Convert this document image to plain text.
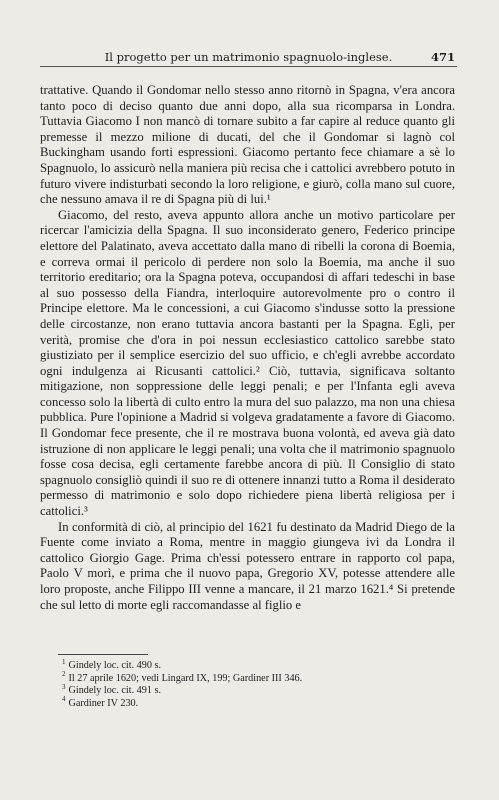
Il progetto per un matrimonio spagnuolo-inglese.	471

trattative. Quando il Gondomar nello stesso anno ritornò in Spagna, v'era ancora tanto poco di deciso quanto due anni dopo, alla sua ricomparsa in Londra. Tuttavia Giacomo I non mancò di tornare subito a far capire al reduce quanto gli premesse il mezzo milione di ducati, del che il Gondomar si lagnò col Buckingham usando forti espressioni. Giacomo pertanto fece chiamare a sè lo Spagnuolo, lo assicurò nella maniera più recisa che i cattolici avrebbero potuto in futuro vivere indisturbati secondo la loro religione, e giurò, colla mano sul cuore, che nessuno amava il re di Spagna più di lui.¹

Giacomo, del resto, aveva appunto allora anche un motivo particolare per ricercar l'amicizia della Spagna. Il suo inconsiderato genero, Federico principe elettore del Palatinato, aveva accettato dalla mano di ribelli la corona di Boemia, e correva ormai il pericolo di perdere non solo la Boemia, ma anche il suo territorio ereditario; ora la Spagna poteva, occupandosi di affari tedeschi in base al suo possesso della Fiandra, interloquire autorevolmente pro o contro il Principe elettore. Ma le concessioni, a cui Giacomo s'indusse sotto la pressione delle circostanze, non erano tuttavia ancora bastanti per la Spagna. Egli, per verità, promise che d'ora in poi nessun ecclesiastico cattolico sarebbe stato giustiziato per il semplice esercizio del suo ufficio, e ch'egli avrebbe accordato ogni indulgenza ai Ricusanti cattolici.² Ciò, tuttavia, significava soltanto mitigazione, non soppressione delle leggi penali; e per l'Infanta egli aveva concesso solo la libertà di culto entro la mura del suo palazzo, ma non una chiesa pubblica. Pure l'opinione a Madrid si volgeva gradatamente a favore di Giacomo. Il Gondomar fece presente, che il re mostrava buona volontà, ed aveva già dato istruzione di non applicare le leggi penali; una volta che il matrimonio spagnuolo fosse cosa decisa, egli certamente farebbe ancora di più. Il Consiglio di stato spagnuolo consigliò quindi il suo re di ottenere innanzi tutto a Roma il desiderato permesso di matrimonio e solo dopo richiedere piena libertà religiosa per i cattolici.³

In conformità di ciò, al principio del 1621 fu destinato da Madrid Diego de la Fuente come inviato a Roma, mentre in maggio giungeva ivi da Londra il cattolico Giorgio Gage. Prima ch'essi potessero entrare in rapporto col papa, Paolo V morì, e prima che il nuovo papa, Gregorio XV, potesse attendere alle loro proposte, anche Filippo III venne a mancare, il 21 marzo 1621.⁴ Si pretende che sul letto di morte egli raccomandasse al figlio e

$^1$ Gindely loc. cit. 490 s.
$^2$ Il 27 aprile 1620; vedi Lingard IX, 199; Gardiner III 346.
$^3$ Gindely loc. cit. 491 s.
$^4$ Gardiner IV 230.
